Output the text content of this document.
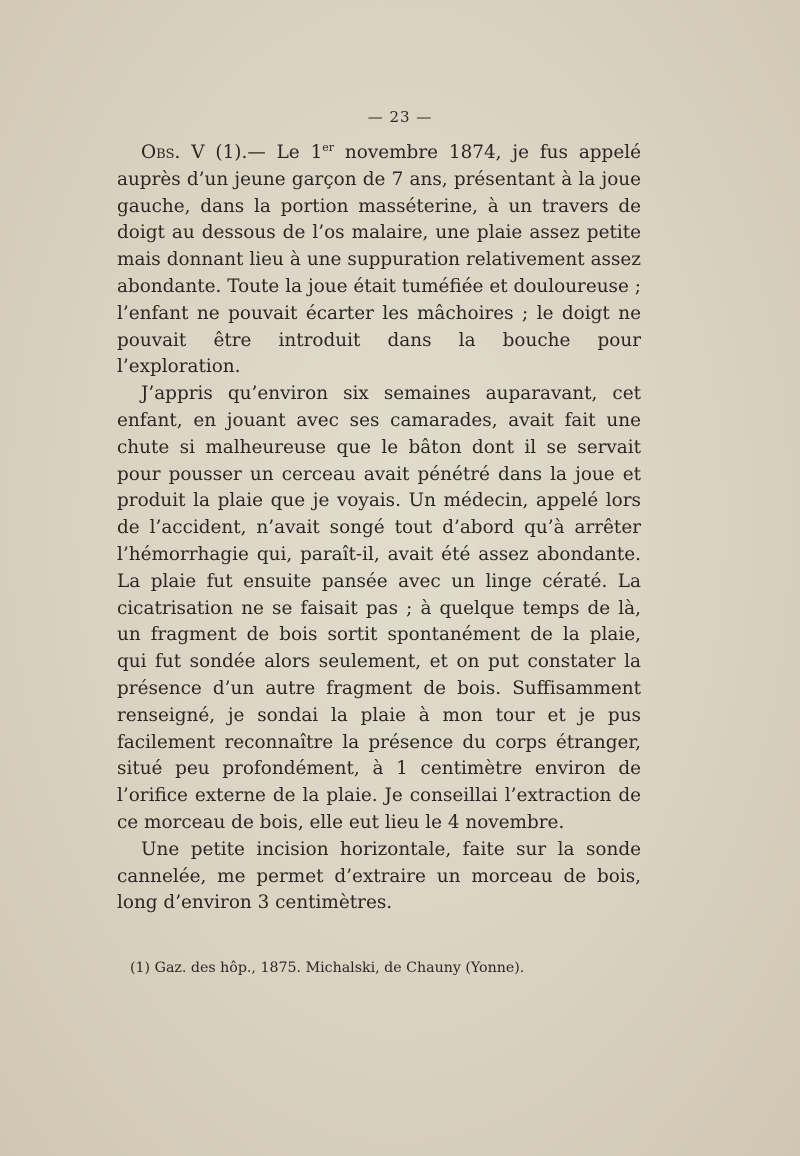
— 23 —

Obs. V (1).— Le 1er novembre 1874, je fus appelé auprès d’un jeune garçon de 7 ans, présentant à la joue gauche, dans la portion masséterine, à un travers de doigt au dessous de l’os malaire, une plaie assez petite mais donnant lieu à une suppuration relativement assez abondante. Toute la joue était tuméfiée et douloureuse ; l’enfant ne pouvait écarter les mâchoires ; le doigt ne pouvait être introduit dans la bouche pour l’exploration.

J’appris qu’environ six semaines auparavant, cet enfant, en jouant avec ses camarades, avait fait une chute si malheureuse que le bâton dont il se servait pour pousser un cerceau avait pénétré dans la joue et produit la plaie que je voyais. Un médecin, appelé lors de l’accident, n’avait songé tout d’abord qu’à arrêter l’hémorrhagie qui, paraît-il, avait été assez abondante. La plaie fut ensuite pansée avec un linge cératé. La cicatrisation ne se faisait pas ; à quelque temps de là, un fragment de bois sortit spontanément de la plaie, qui fut sondée alors seulement, et on put constater la présence d’un autre fragment de bois. Suffisamment renseigné, je sondai la plaie à mon tour et je pus facilement reconnaître la présence du corps étranger, situé peu profondément, à 1 centimètre environ de l’orifice externe de la plaie. Je conseillai l’extraction de ce morceau de bois, elle eut lieu le 4 novembre.

Une petite incision horizontale, faite sur la sonde cannelée, me permet d’extraire un morceau de bois, long d’environ 3 centimètres.

(1) Gaz. des hôp., 1875. Michalski, de Chauny (Yonne).
